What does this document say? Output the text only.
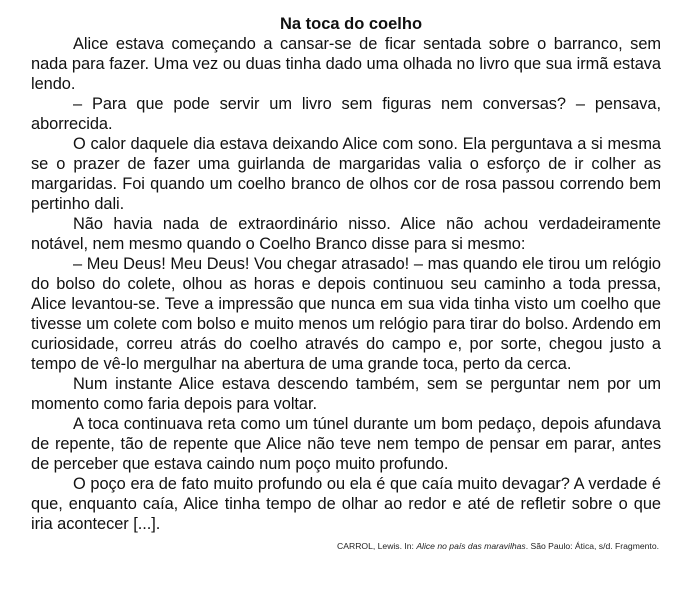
Na toca do coelho

Alice estava começando a cansar-se de ficar sentada sobre o barranco, sem nada para fazer. Uma vez ou duas tinha dado uma olhada no livro que sua irmã estava lendo.

– Para que pode servir um livro sem figuras nem conversas? – pensava, aborrecida.

O calor daquele dia estava deixando Alice com sono. Ela perguntava a si mesma se o prazer de fazer uma guirlanda de margaridas valia o esforço de ir colher as margaridas. Foi quando um coelho branco de olhos cor de rosa passou correndo bem pertinho dali.

Não havia nada de extraordinário nisso. Alice não achou verdadeiramente notável, nem mesmo quando o Coelho Branco disse para si mesmo:

– Meu Deus! Meu Deus! Vou chegar atrasado! – mas quando ele tirou um relógio do bolso do colete, olhou as horas e depois continuou seu caminho a toda pressa, Alice levantou-se. Teve a impressão que nunca em sua vida tinha visto um coelho que tivesse um colete com bolso e muito menos um relógio para tirar do bolso. Ardendo em curiosidade, correu atrás do coelho através do campo e, por sorte, chegou justo a tempo de vê-lo mergulhar na abertura de uma grande toca, perto da cerca.

Num instante Alice estava descendo também, sem se perguntar nem por um momento como faria depois para voltar.

A toca continuava reta como um túnel durante um bom pedaço, depois afundava de repente, tão de repente que Alice não teve nem tempo de pensar em parar, antes de perceber que estava caindo num poço muito profundo.

O poço era de fato muito profundo ou ela é que caía muito devagar? A verdade é que, enquanto caía, Alice tinha tempo de olhar ao redor e até de refletir sobre o que iria acontecer [...].

CARROL, Lewis. In: Alice no país das maravilhas. São Paulo: Ática, s/d. Fragmento.
